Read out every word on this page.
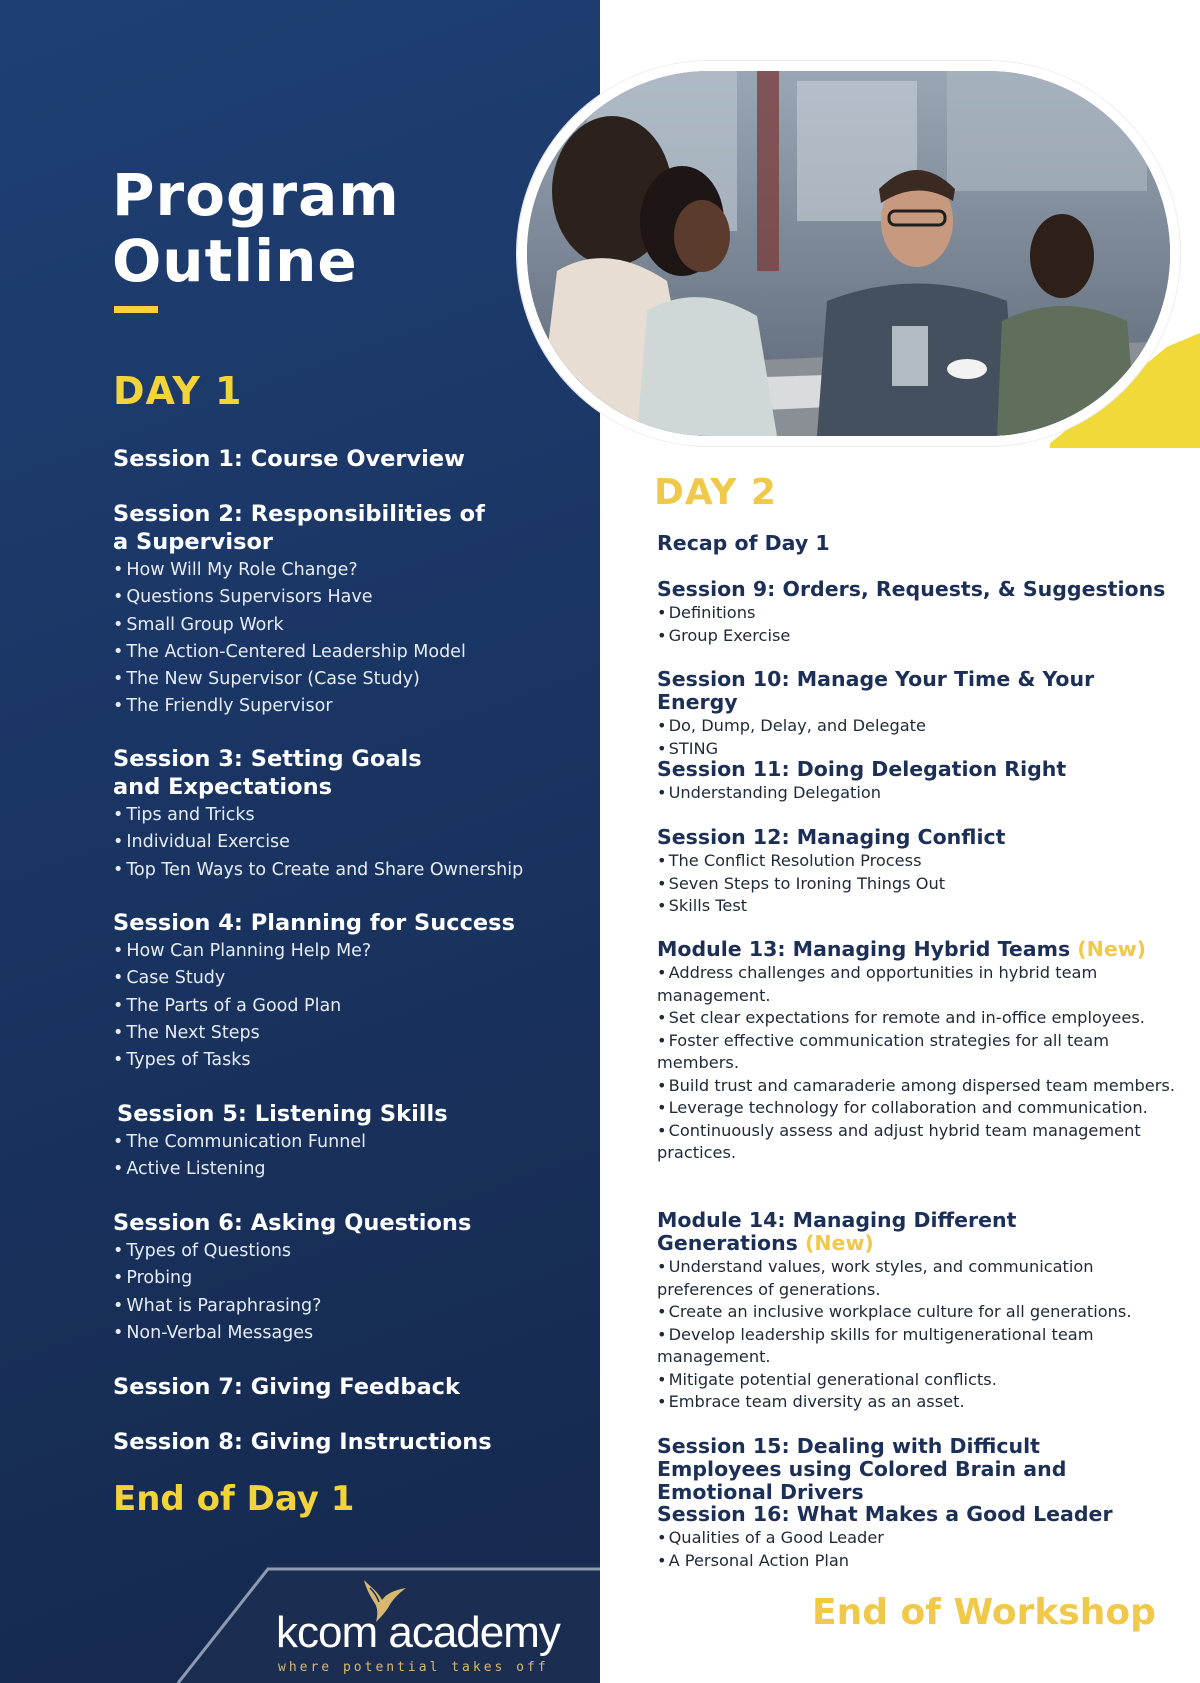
Program
Outline
DAY 1
Session 1: Course Overview
Session 2: Responsibilities of a Supervisor
• How Will My Role Change?
• Questions Supervisors Have
• Small Group Work
• The Action-Centered Leadership Model
• The New Supervisor (Case Study)
• The Friendly Supervisor
Session 3: Setting Goals and Expectations
• Tips and Tricks
• Individual Exercise
• Top Ten Ways to Create and Share Ownership
Session 4: Planning for Success
• How Can Planning Help Me?
• Case Study
• The Parts of a Good Plan
• The Next Steps
• Types of Tasks
Session 5: Listening Skills
• The Communication Funnel
• Active Listening
Session 6: Asking Questions
• Types of Questions
• Probing
• What is Paraphrasing?
• Non-Verbal Messages
Session 7: Giving Feedback
Session 8: Giving Instructions
End of Day 1
kcom academy
where potential takes off
DAY 2
Recap of Day 1
Session 9: Orders, Requests, & Suggestions
• Definitions
• Group Exercise
Session 10: Manage Your Time & Your Energy
• Do, Dump, Delay, and Delegate
• STING
Session 11: Doing Delegation Right
• Understanding Delegation
Session 12: Managing Conflict
• The Conflict Resolution Process
• Seven Steps to Ironing Things Out
• Skills Test
Module 13: Managing Hybrid Teams (New)
• Address challenges and opportunities in hybrid team management.
• Set clear expectations for remote and in-office employees.
• Foster effective communication strategies for all team members.
• Build trust and camaraderie among dispersed team members.
• Leverage technology for collaboration and communication.
• Continuously assess and adjust hybrid team management practices.
Module 14: Managing Different Generations (New)
• Understand values, work styles, and communication preferences of generations.
• Create an inclusive workplace culture for all generations.
• Develop leadership skills for multigenerational team management.
• Mitigate potential generational conflicts.
• Embrace team diversity as an asset.
Session 15: Dealing with Difficult Employees using Colored Brain and Emotional Drivers
Session 16: What Makes a Good Leader
• Qualities of a Good Leader
• A Personal Action Plan
End of Workshop
